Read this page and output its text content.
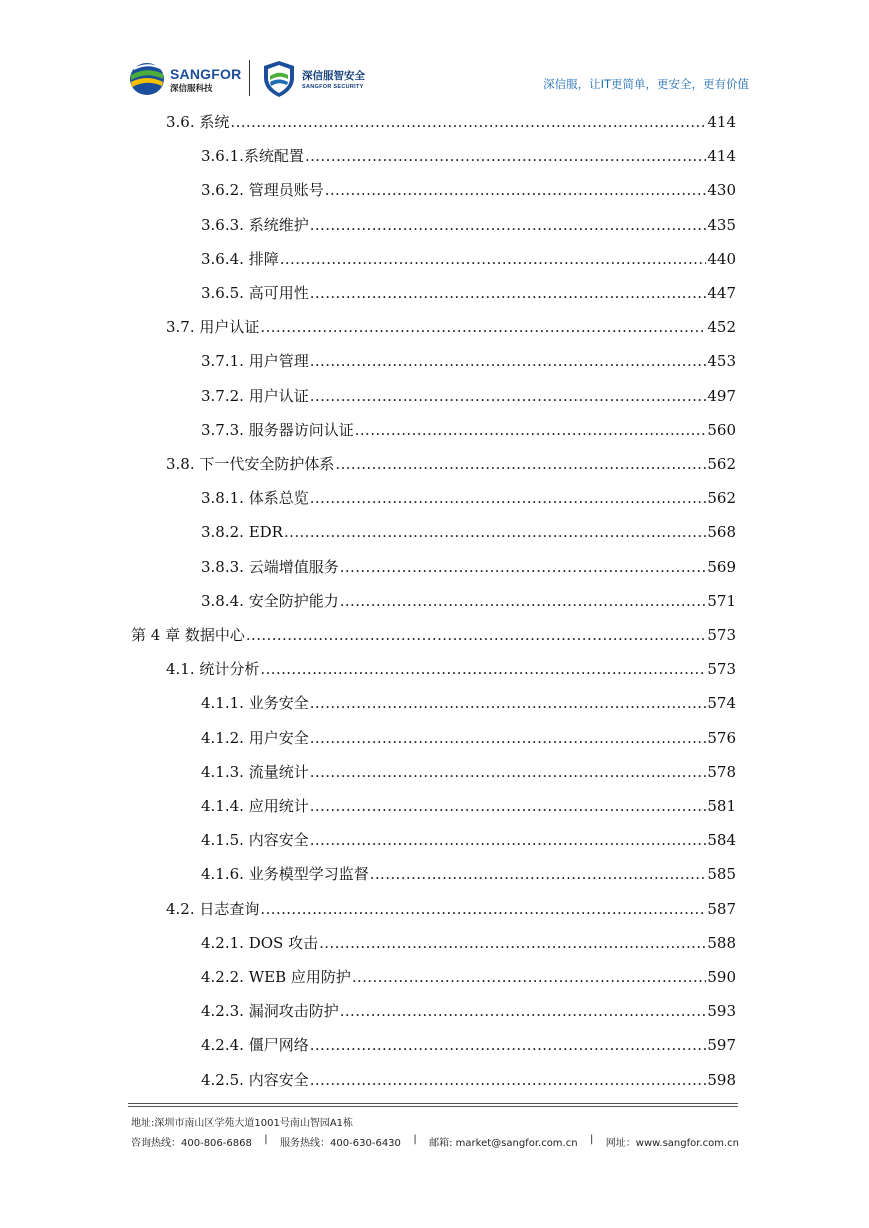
SANGFOR
深信服科技
深信服智安全
SANGFOR SECURITY	深信服，让IT更简单，更安全，更有价值
3.6. 系统 .....	414
3.6.1.系统配置 .....	414
3.6.2. 管理员账号 .....	430
3.6.3. 系统维护 .....	435
3.6.4. 排障 .....	440
3.6.5. 高可用性 .....	447
3.7. 用户认证 .....	452
3.7.1. 用户管理 .....	453
3.7.2. 用户认证 .....	497
3.7.3. 服务器访问认证 .....	560
3.8. 下一代安全防护体系 .....	562
3.8.1. 体系总览 .....	562
3.8.2. EDR .....	568
3.8.3. 云端增值服务 .....	569
3.8.4. 安全防护能力 .....	571
第 4 章 数据中心 .....	573
4.1. 统计分析 .....	573
4.1.1. 业务安全 .....	574
4.1.2. 用户安全 .....	576
4.1.3. 流量统计 .....	578
4.1.4. 应用统计 .....	581
4.1.5. 内容安全 .....	584
4.1.6. 业务模型学习监督 .....	585
4.2. 日志查询 .....	587
4.2.1. DOS 攻击 .....	588
4.2.2. WEB 应用防护 .....	590
4.2.3. 漏洞攻击防护 .....	593
4.2.4. 僵尸网络 .....	597
4.2.5. 内容安全 .....	598
地址:深圳市南山区学苑大道1001号南山智园A1栋
咨询热线：400-806-6868 | 服务热线：400-630-6430 | 邮箱: market@sangfor.com.cn | 网址：www.sangfor.com.cn
